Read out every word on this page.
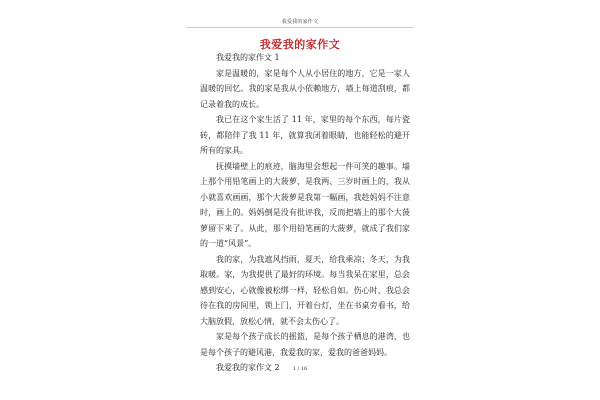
我爱我的家作文
我爱我的家作文

我爱我的家作文 1

家是温暖的，家是每个人从小居住的地方，它是一家人温暖的回忆。我的家是我从小依赖地方，墙上每道刮痕，都记录着我的成长。

我已在这个家生活了 11 年，家里的每个东西，每片瓷砖，都陪伴了我 11 年，就算我闭着眼睛，也能轻松的避开所有的家具。

抚摸墙壁上的痕迹，脑海里会想起一件可笑的趣事。墙上那个用铅笔画上的大菠萝，是我两、三岁时画上的，我从小就喜欢画画，那个大菠萝是我第一幅画，我趁妈妈不注意时，画上的。妈妈倒是没有批评我，反而把墙上的那个大菠萝留下来了。从此，那个用铅笔画的大菠萝，就成了我们家的一道“风景”。

我的家，为我遮风挡雨，夏天，给我乘凉；冬天，为我取暖。家，为我提供了最好的环境。每当我呆在家里，总会感到安心，心就像被松绑一样，轻松自如。伤心时，我总会待在我的房间里，锁上门，开着台灯，坐在书桌旁看书，给大脑放假，放松心情，就不会太伤心了。

家是每个孩子成长的摇篮，是每个孩子栖息的港湾，也是每个孩子的避风港，我爱我的家，爱我的爸爸妈妈。

我爱我的家作文 2	1 / 16
